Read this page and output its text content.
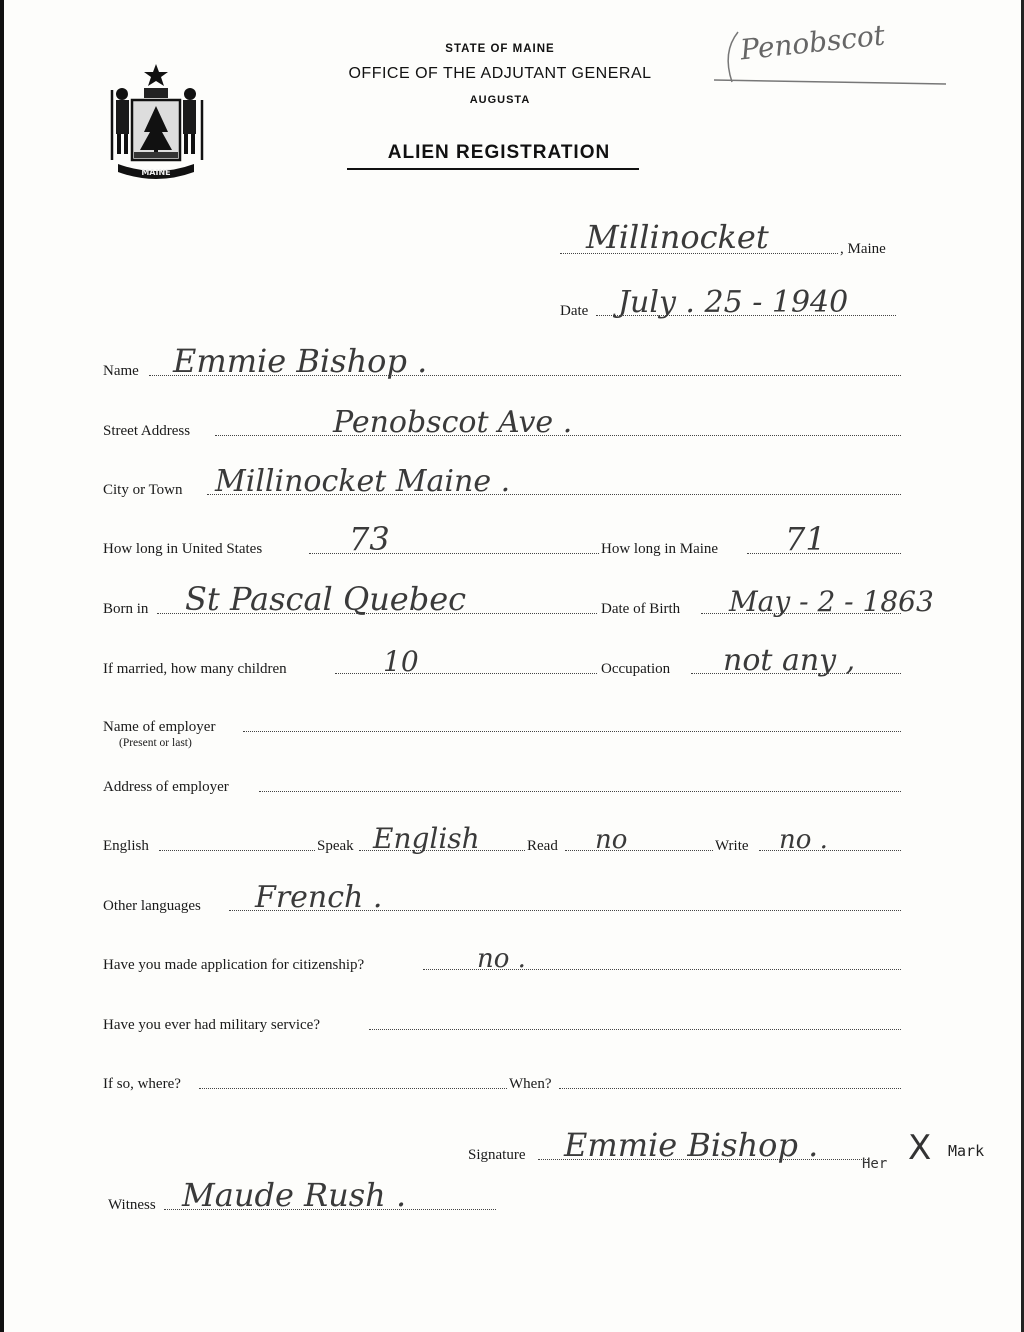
MAINE
STATE OF MAINE
OFFICE OF THE ADJUTANT GENERAL
AUGUSTA
ALIEN REGISTRATION
Penobscot
Millinocket	, Maine
Date July . 25 - 1940
Name Emmie Bishop .
Street Address	Penobscot Ave .
City or Town Millinocket Maine .
How long in United States	73	How long in Maine 71
Born in St Pascal Quebec	Date of Birth May - 2 - 1863
If married, how many children	10	Occupation not any ,
Name of employer
(Present or last)
Address of employer
English	Speak English	Read no	Write no .
Other languages French .
Have you made application for citizenship?	no .
Have you ever had military service?
If so, where?	When?
Signature Emmie Bishop .	Her X Mark
Witness Maude Rush .
